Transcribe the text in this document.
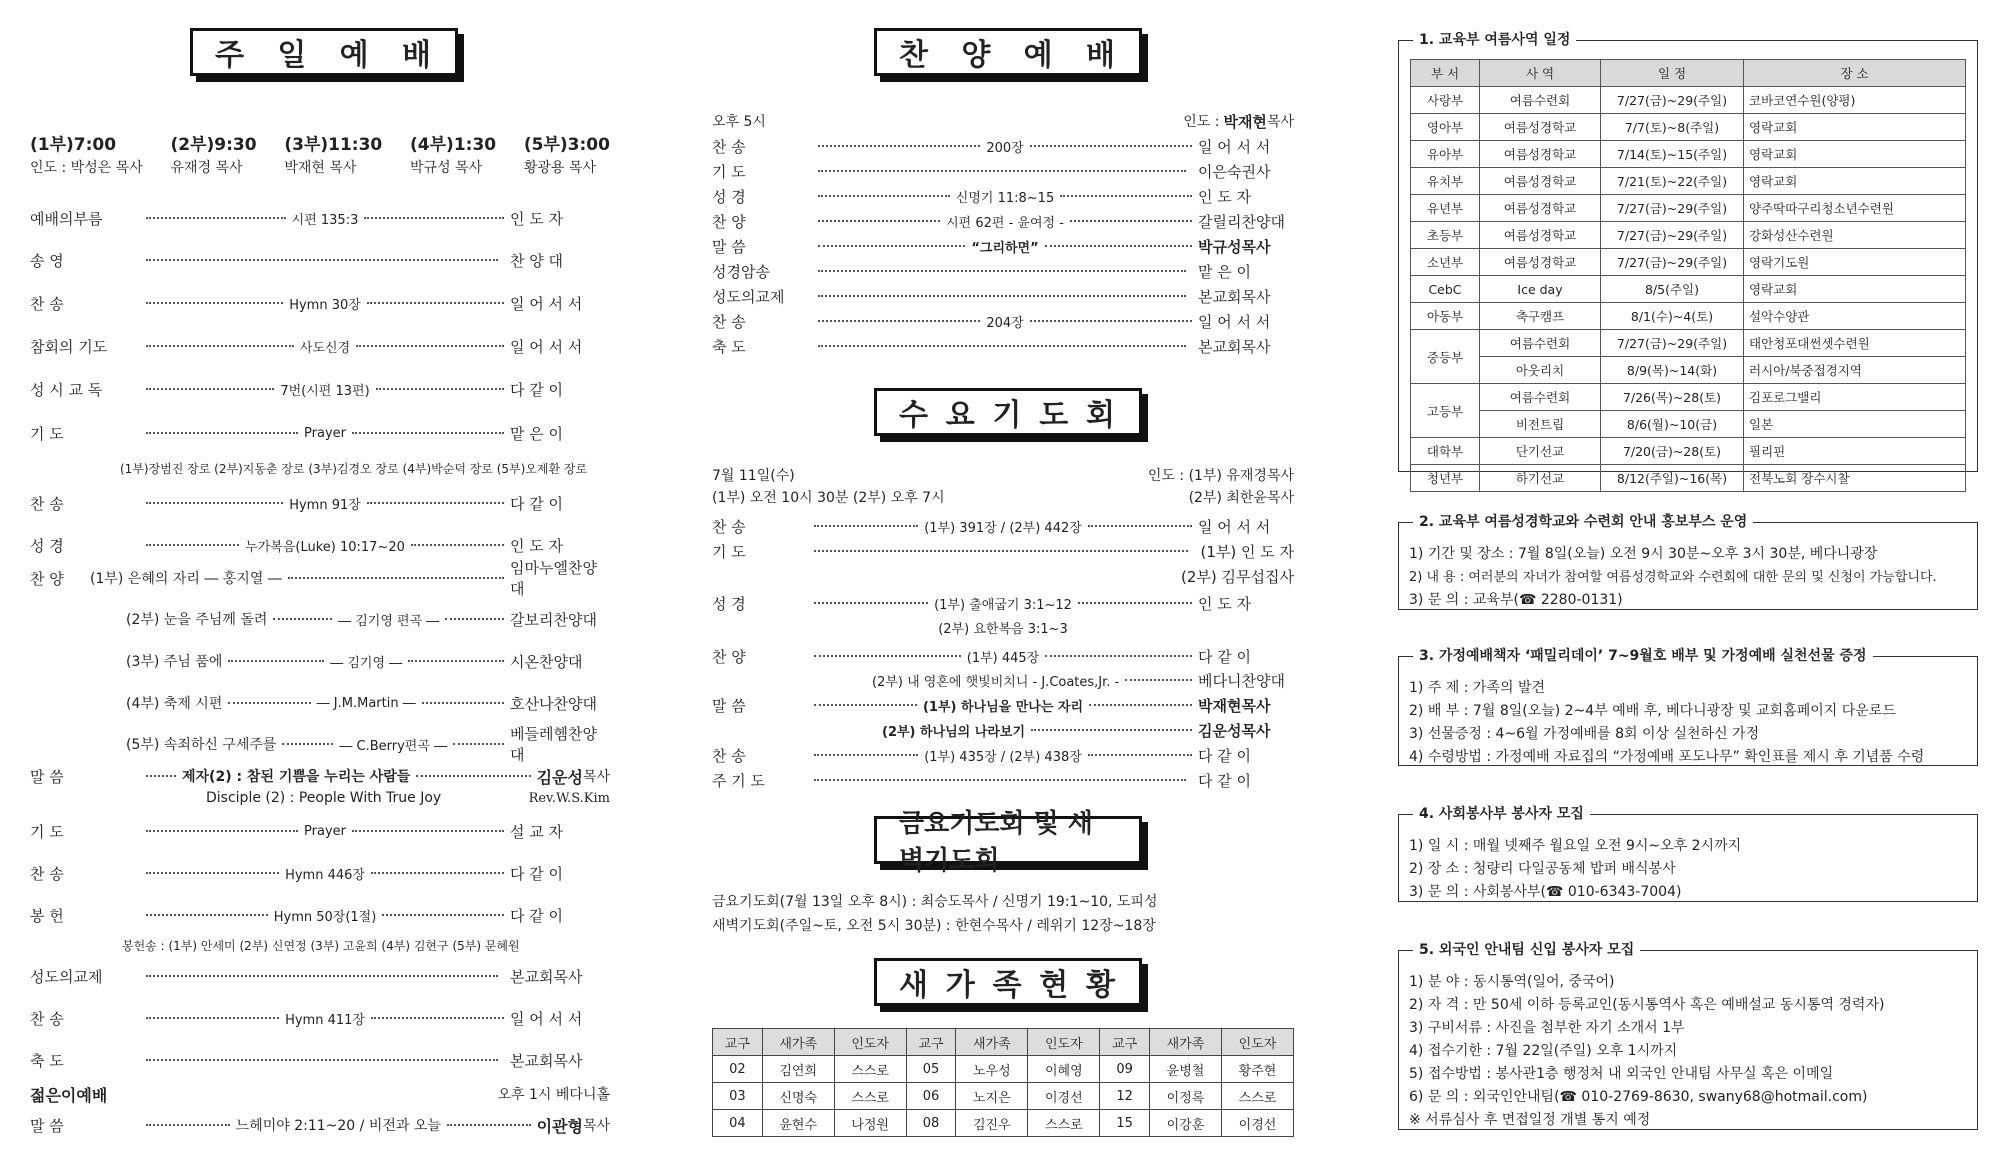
주 일 예 배
(1부)7:00
인도 : 박성은 목사
(2부)9:30
유재경 목사
(3부)11:30
박재현 목사
(4부)1:30
박규성 목사
(5부)3:00
황광용 목사
예배의부름	시편 135:3	인 도 자
송 영	찬 양 대
찬 송	Hymn 30장	일 어 서 서
참회의 기도	사도신경	일 어 서 서
성 시 교 독	7번(시편 13편)	다 같 이
기 도	Prayer	맡 은 이
(1부)장범진 장로 (2부)지동춘 장로 (3부)김경오 장로 (4부)박순덕 장로 (5부)오제환 장로
찬 송	Hymn 91장	다 같 이
성 경	누가복음(Luke) 10:17~20	인 도 자
찬 양	(1부) 은혜의 자리 ― 홍지열 ―
임마누엘찬양대
(2부) 눈을 주님께 돌려	― 김기영 편곡 ―	갈보리찬양대
(3부) 주님 품에	― 김기영 ―	시온찬양대
(4부) 축제 시편	― J.M.Martin ―	호산나찬양대
(5부) 속죄하신 구세주를	― C.Berry편곡 ―
베들레헴찬양대
말 씀	제자(2) : 참된 기쁨을 누리는 사람들	김운성 목사
Disciple (2) : People With True Joy	Rev.W.S.Kim
기 도	Prayer	설 교 자
찬 송	Hymn 446장	다 같 이
봉 헌	Hymn 50장(1절)	다 같 이
봉헌송 : (1부) 안세미 (2부) 신연정 (3부) 고윤희 (4부) 김현구 (5부) 문혜원
성도의교제	본교회목사
찬 송	Hymn 411장	일 어 서 서
축 도	본교회목사
젊은이예배	오후 1시 베다니홀
말 씀	느헤미야 2:11~20 / 비전과 오늘	이관형 목사
찬 양 예 배
오후 5시	인도 : 박재현 목사
찬 송	200장	일 어 서 서
기 도	이은숙권사
성 경	신명기 11:8~15	인 도 자
찬 양	시편 62편 - 윤여정 -	갈릴리찬양대
말 씀	“그리하면”	박규성목사
성경암송	맡 은 이
성도의교제	본교회목사
찬 송	204장	일 어 서 서
축 도	본교회목사
수 요 기 도 회
7월 11일(수)	인도 : (1부) 유재경목사
(1부) 오전 10시 30분 (2부) 오후 7시	(2부) 최한윤목사
찬 송	(1부) 391장 / (2부) 442장	일 어 서 서
기 도	(1부) 인 도 자
(2부) 김무섭집사
성 경	(1부) 출애굽기 3:1~12	인 도 자
(2부) 요한복음 3:1~3
찬 양	(1부) 445장	다 같 이
(2부) 내 영혼에 햇빛비치니 - J.Coates,Jr. -	베다니찬양대
말 씀	(1부) 하나님을 만나는 자리	박재현목사
(2부) 하나님의 나라보기	김운성목사
찬 송	(1부) 435장 / (2부) 438장	다 같 이
주 기 도	다 같 이
금요기도회 및 새벽기도회
금요기도회(7월 13일 오후 8시) : 최승도목사 / 신명기 19:1~10, 도피성
새벽기도회(주일~토, 오전 5시 30분) : 한현수목사 / 레위기 12장~18장
새 가 족 현 황
교구	새가족	인도자	교구	새가족	인도자	교구	새가족	인도자
02	김연희	스스로	05	노우성	이혜영	09	윤병철	황주현
03	신명숙	스스로	06	노지은	이경선	12	이정록	스스로
04	윤현수	나정원	08	김진우	스스로	15	이강훈	이경선
1. 교육부 여름사역 일정
부 서	사 역	일 정	장 소
사랑부	여름수련회	7/27(금)~29(주일)	코바코연수원(양평)
영아부	여름성경학교	7/7(토)~8(주일)	영락교회
유아부	여름성경학교	7/14(토)~15(주일)	영락교회
유치부	여름성경학교	7/21(토)~22(주일)	영락교회
유년부	여름성경학교	7/27(금)~29(주일)	양주딱따구리청소년수련원
초등부	여름성경학교	7/27(금)~29(주일)	강화성산수련원
소년부	여름성경학교	7/27(금)~29(주일)	영락기도원
CebC	Ice day	8/5(주일)	영락교회
아동부	축구캠프	8/1(수)~4(토)	설악수양관
중등부	여름수련회	7/27(금)~29(주일)	태안청포대썬셋수련원
	아웃리치	8/9(목)~14(화)	러시아/북중접경지역
고등부	여름수련회	7/26(목)~28(토)	김포로그밸리
	비전트립	8/6(월)~10(금)	일본
대학부	단기선교	7/20(금)~28(토)	필리핀
청년부	하기선교	8/12(주일)~16(목)	전북노회 장수시찰
2. 교육부 여름성경학교와 수련회 안내 홍보부스 운영
1) 기간 및 장소 : 7월 8일(오늘) 오전 9시 30분~오후 3시 30분, 베다니광장
2) 내 용 : 여러분의 자녀가 참여할 여름성경학교와 수련회에 대한 문의 및 신청이 가능합니다.
3) 문 의 : 교육부(☎ 2280-0131)
3. 가정예배책자 ‘패밀리데이’ 7~9월호 배부 및 가정예배 실천선물 증정
1) 주 제 : 가족의 발견
2) 배 부 : 7월 8일(오늘) 2~4부 예배 후, 베다니광장 및 교회홈페이지 다운로드
3) 선물증정 : 4~6월 가정예배를 8회 이상 실천하신 가정
4) 수령방법 : 가정예배 자료집의 “가정예배 포도나무” 확인표를 제시 후 기념품 수령
4. 사회봉사부 봉사자 모집
1) 일 시 : 매월 넷째주 월요일 오전 9시~오후 2시까지
2) 장 소 : 청량리 다일공동체 밥퍼 배식봉사
3) 문 의 : 사회봉사부(☎ 010-6343-7004)
5. 외국인 안내팀 신입 봉사자 모집
1) 분 야 : 동시통역(일어, 중국어)
2) 자 격 : 만 50세 이하 등록교인(동시통역사 혹은 예배설교 동시통역 경력자)
3) 구비서류 : 사진을 첨부한 자기 소개서 1부
4) 접수기한 : 7월 22일(주일) 오후 1시까지
5) 접수방법 : 봉사관1층 행정처 내 외국인 안내팀 사무실 혹은 이메일
6) 문 의 : 외국인안내팀(☎ 010-2769-8630, swany68@hotmail.com)
※ 서류심사 후 면접일정 개별 통지 예정
